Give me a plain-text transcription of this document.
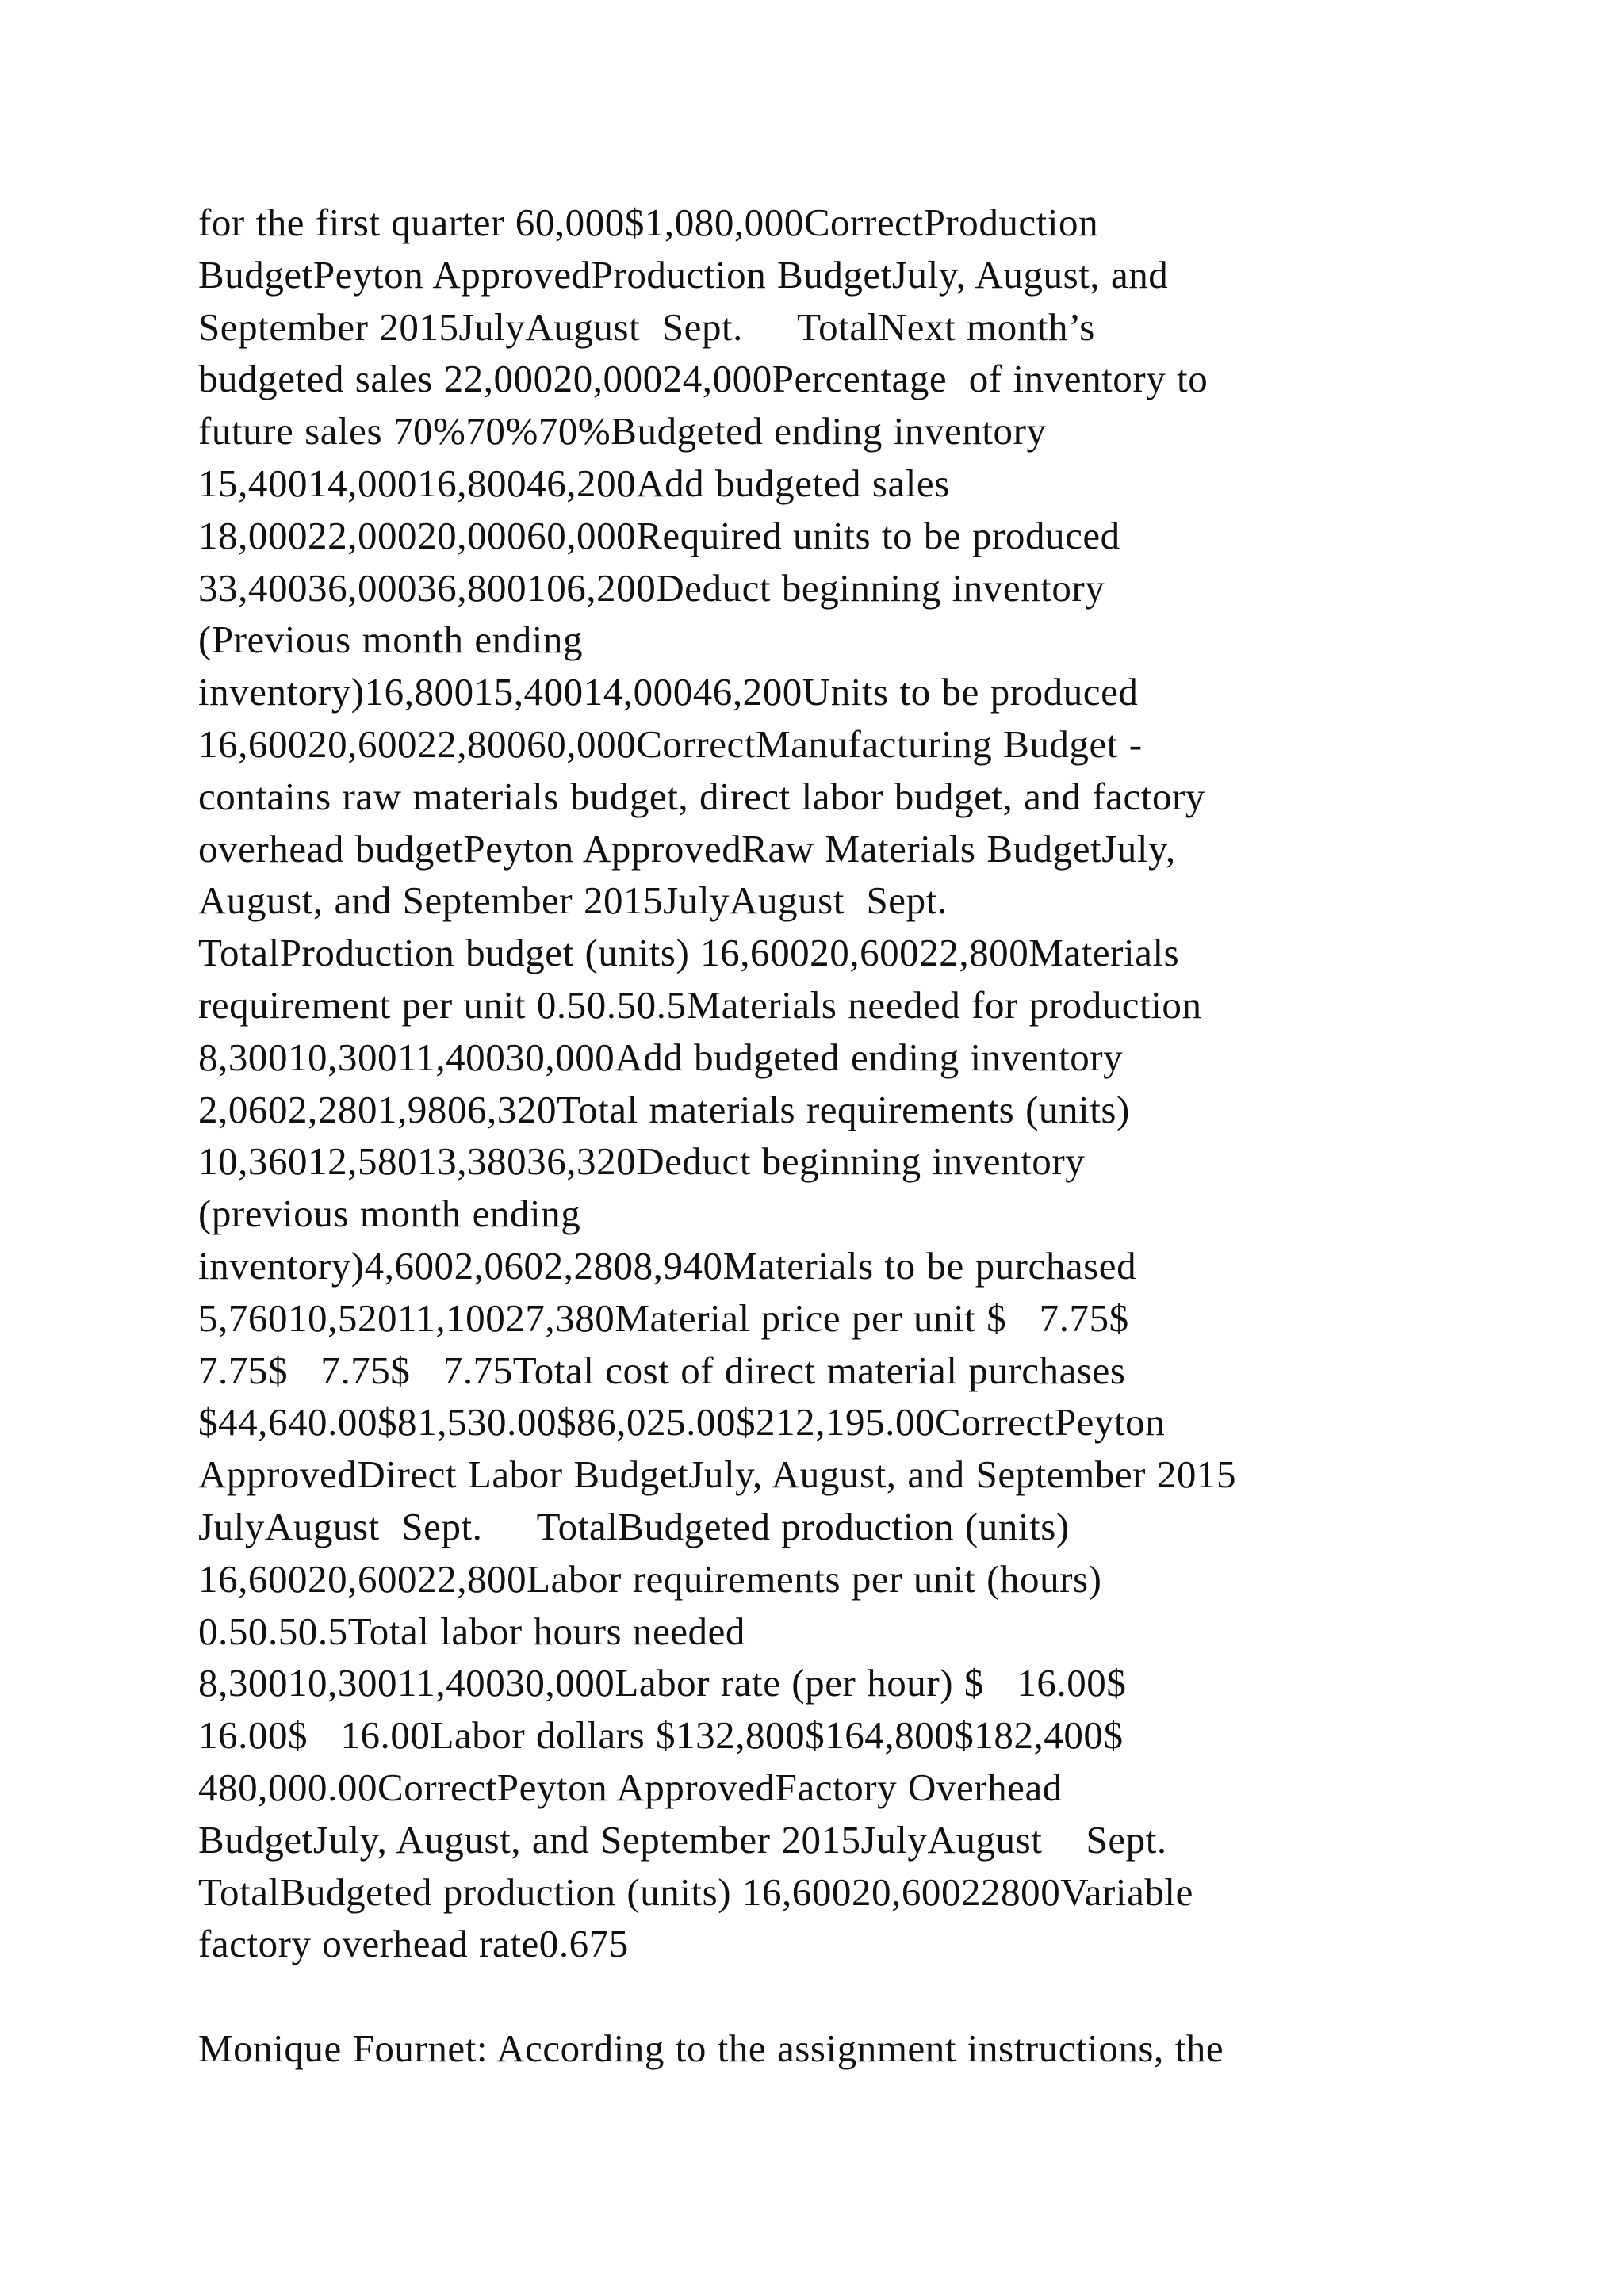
for the first quarter 60,000$1,080,000CorrectProduction
BudgetPeyton ApprovedProduction BudgetJuly, August, and
September 2015JulyAugust  Sept.     TotalNext month’s
budgeted sales 22,00020,00024,000Percentage  of inventory to
future sales 70%70%70%Budgeted ending inventory
15,40014,00016,80046,200Add budgeted sales
18,00022,00020,00060,000Required units to be produced
33,40036,00036,800106,200Deduct beginning inventory
(Previous month ending
inventory)16,80015,40014,00046,200Units to be produced
16,60020,60022,80060,000CorrectManufacturing Budget -
contains raw materials budget, direct labor budget, and factory
overhead budgetPeyton ApprovedRaw Materials BudgetJuly,
August, and September 2015JulyAugust  Sept.
TotalProduction budget (units) 16,60020,60022,800Materials
requirement per unit 0.50.50.5Materials needed for production
8,30010,30011,40030,000Add budgeted ending inventory
2,0602,2801,9806,320Total materials requirements (units)
10,36012,58013,38036,320Deduct beginning inventory
(previous month ending
inventory)4,6002,0602,2808,940Materials to be purchased
5,76010,52011,10027,380Material price per unit $   7.75$
7.75$   7.75$   7.75Total cost of direct material purchases
$44,640.00$81,530.00$86,025.00$212,195.00CorrectPeyton
ApprovedDirect Labor BudgetJuly, August, and September 2015
JulyAugust  Sept.     TotalBudgeted production (units)
16,60020,60022,800Labor requirements per unit (hours)
0.50.50.5Total labor hours needed
8,30010,30011,40030,000Labor rate (per hour) $   16.00$
16.00$   16.00Labor dollars $132,800$164,800$182,400$
480,000.00CorrectPeyton ApprovedFactory Overhead
BudgetJuly, August, and September 2015JulyAugust    Sept.
TotalBudgeted production (units) 16,60020,60022800Variable
factory overhead rate0.675
Monique Fournet: According to the assignment instructions, the
